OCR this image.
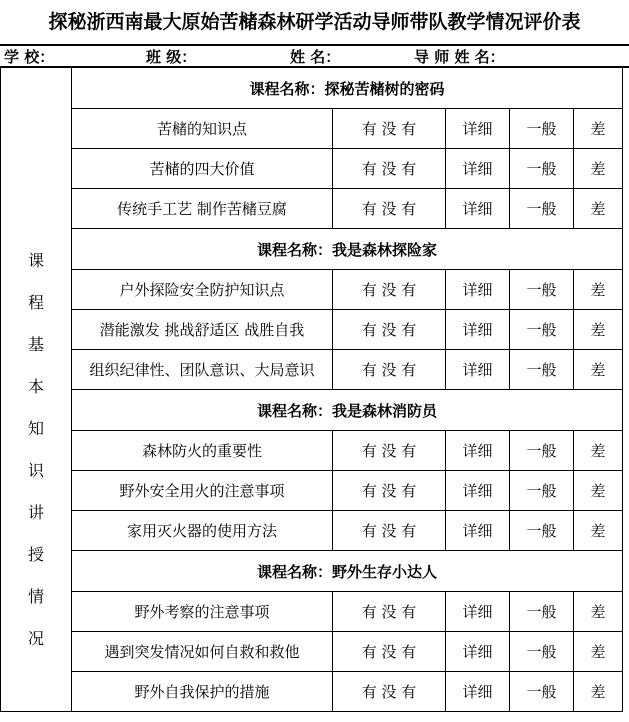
探秘浙西南最大原始苦槠森林研学活动导师带队教学情况评价表
学 校：	班 级：	姓 名：	导 师 姓 名：
课程基本知识讲授情况	课程名称：探秘苦槠树的密码				
	苦槠的知识点	有 没 有	详细	一般	差
	苦槠的四大价值	有 没 有	详细	一般	差
	传统手工艺 制作苦槠豆腐	有 没 有	详细	一般	差
	课程名称：我是森林探险家				
	户外探险安全防护知识点	有 没 有	详细	一般	差
	潜能激发 挑战舒适区 战胜自我	有 没 有	详细	一般	差
	组织纪律性、团队意识、大局意识	有 没 有	详细	一般	差
	课程名称：我是森林消防员				
	森林防火的重要性	有 没 有	详细	一般	差
	野外安全用火的注意事项	有 没 有	详细	一般	差
	家用灭火器的使用方法	有 没 有	详细	一般	差
	课程名称：野外生存小达人				
	野外考察的注意事项	有 没 有	详细	一般	差
	遇到突发情况如何自救和救他	有 没 有	详细	一般	差
	野外自我保护的措施	有 没 有	详细	一般	差
